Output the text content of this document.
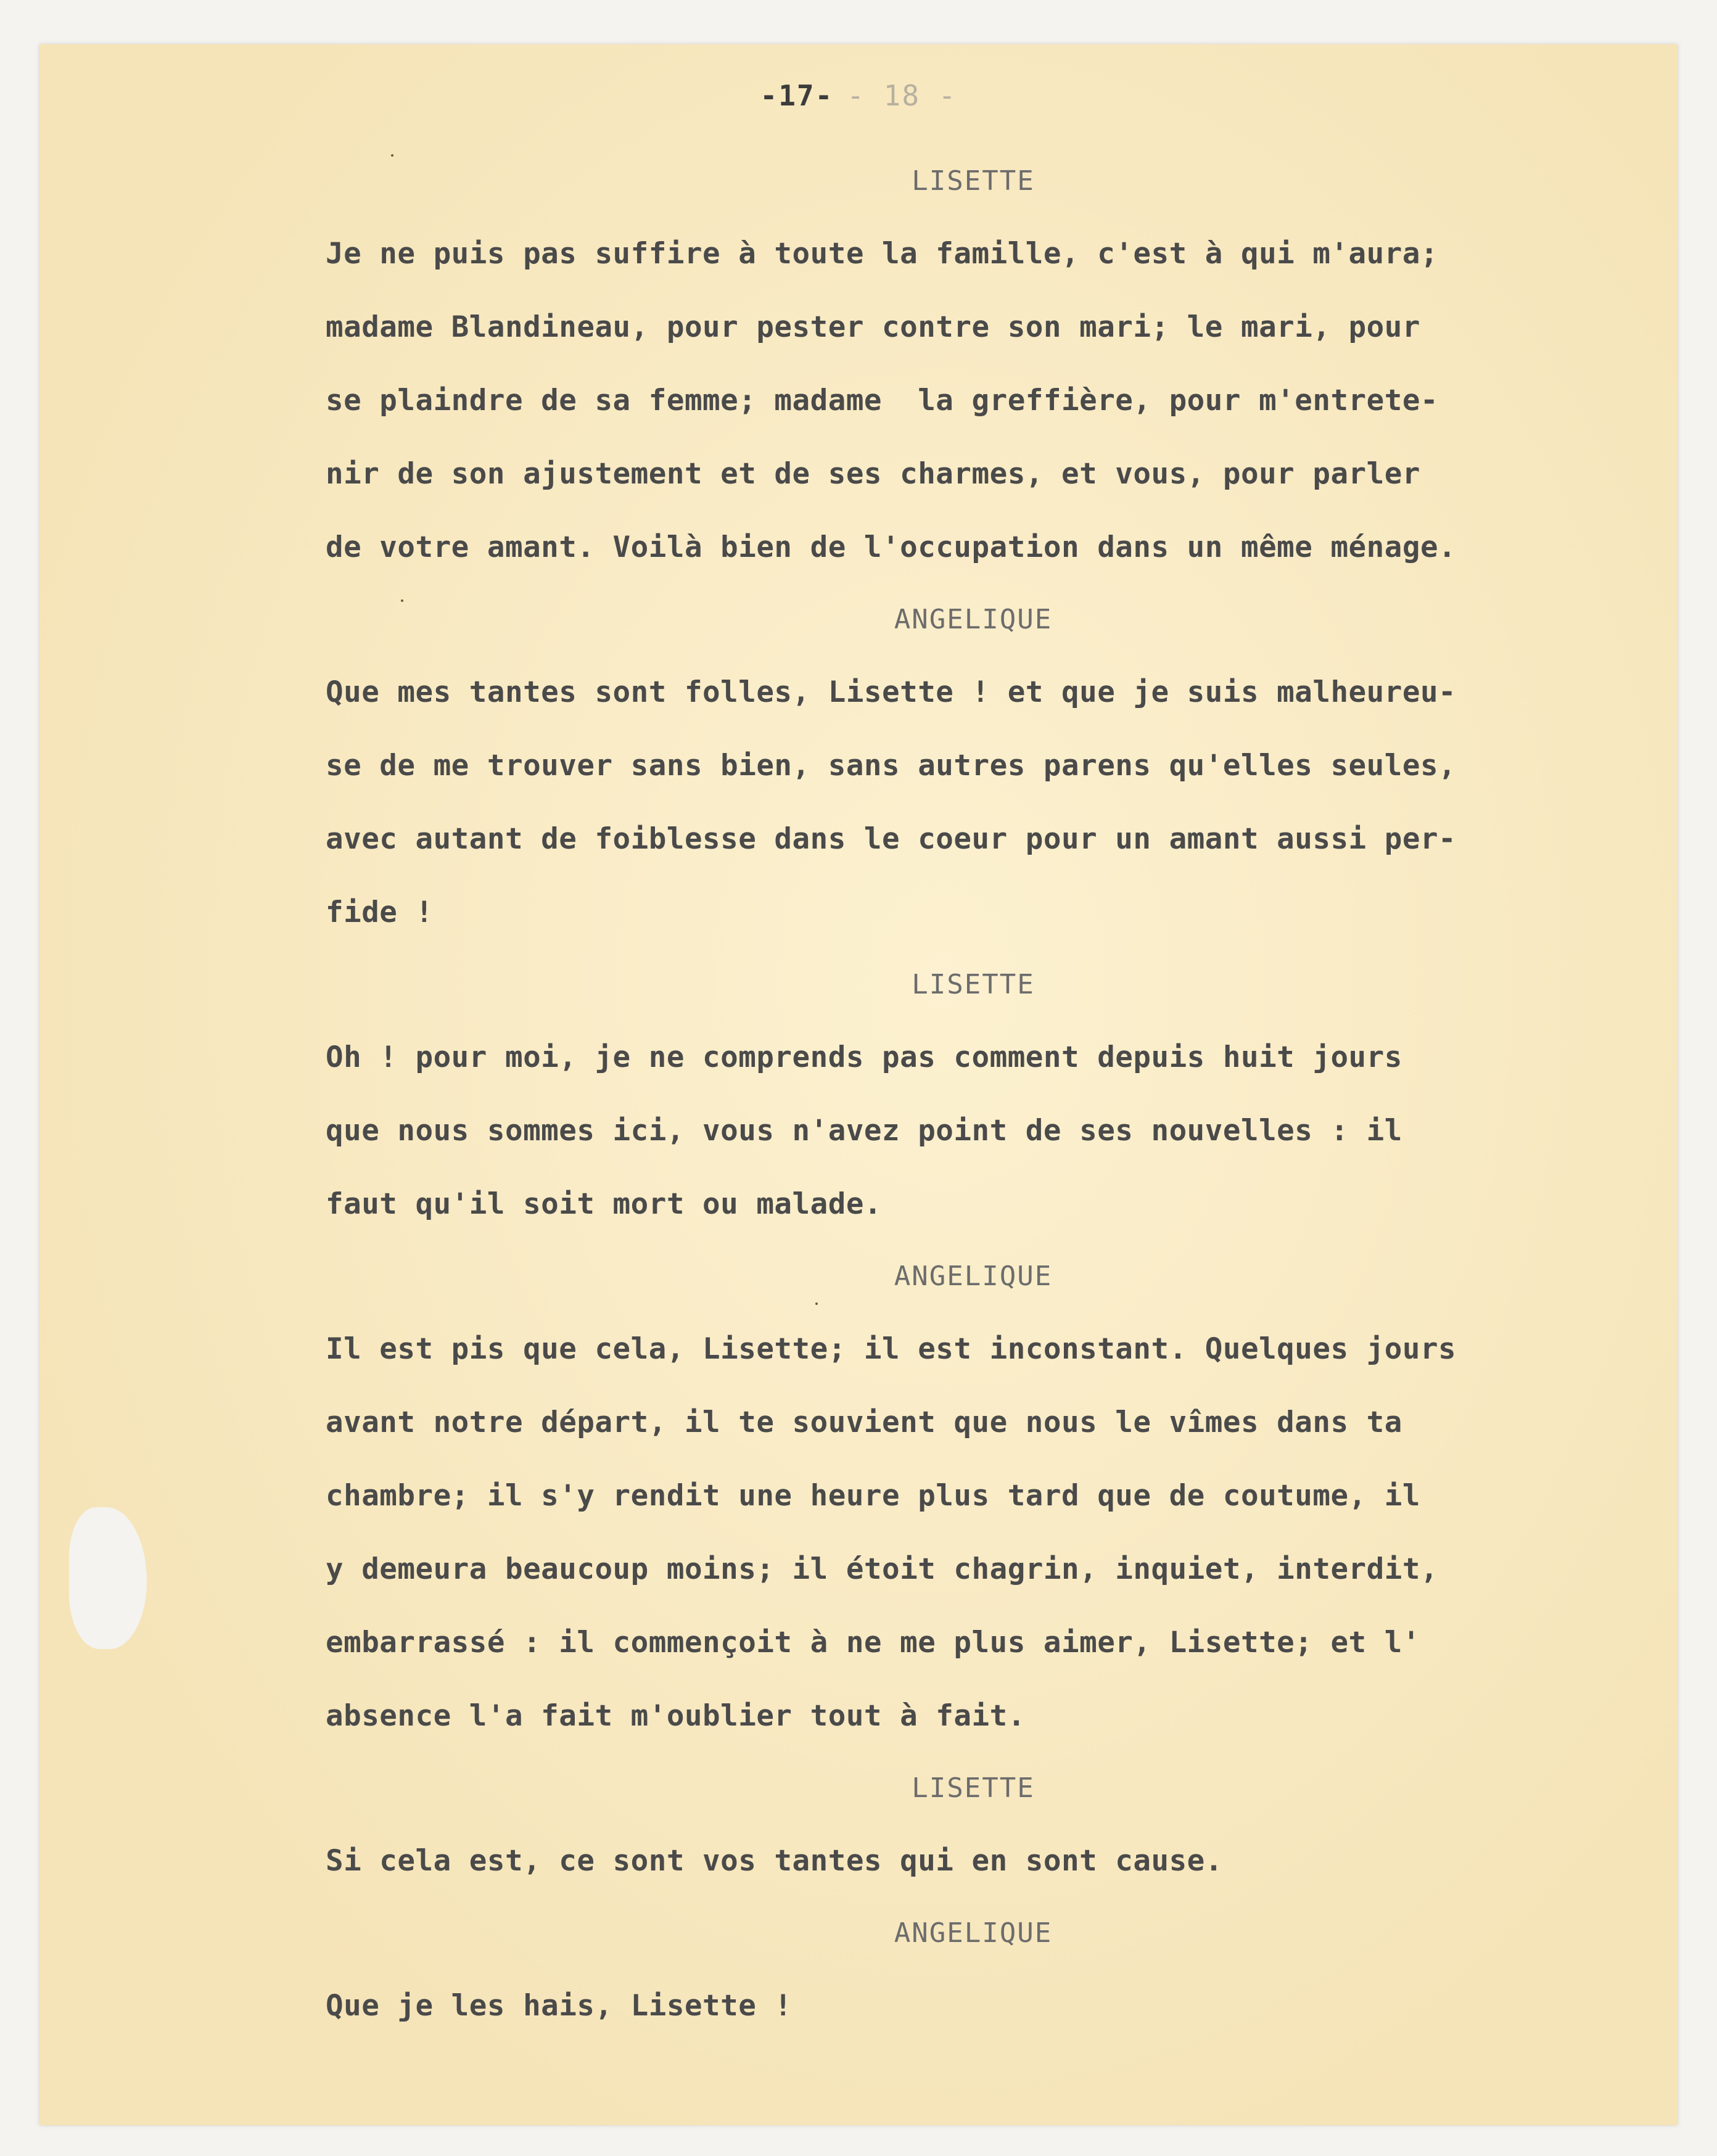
-17- - 18 -
LISETTE
Je ne puis pas suffire à toute la famille, c'est à qui m'aura;
madame Blandineau, pour pester contre son mari; le mari, pour
se plaindre de sa femme; madame  la greffière, pour m'entrete-
nir de son ajustement et de ses charmes, et vous, pour parler
de votre amant. Voilà bien de l'occupation dans un même ménage.
ANGELIQUE
Que mes tantes sont folles, Lisette ! et que je suis malheureu-
se de me trouver sans bien, sans autres parens qu'elles seules,
avec autant de foiblesse dans le coeur pour un amant aussi per-
fide !
LISETTE
Oh ! pour moi, je ne comprends pas comment depuis huit jours
que nous sommes ici, vous n'avez point de ses nouvelles : il
faut qu'il soit mort ou malade.
ANGELIQUE
Il est pis que cela, Lisette; il est inconstant. Quelques jours
avant notre départ, il te souvient que nous le vîmes dans ta
chambre; il s'y rendit une heure plus tard que de coutume, il
y demeura beaucoup moins; il étoit chagrin, inquiet, interdit,
embarrassé : il commençoit à ne me plus aimer, Lisette; et l'
absence l'a fait m'oublier tout à fait.
LISETTE
Si cela est, ce sont vos tantes qui en sont cause.
ANGELIQUE
Que je les hais, Lisette !
